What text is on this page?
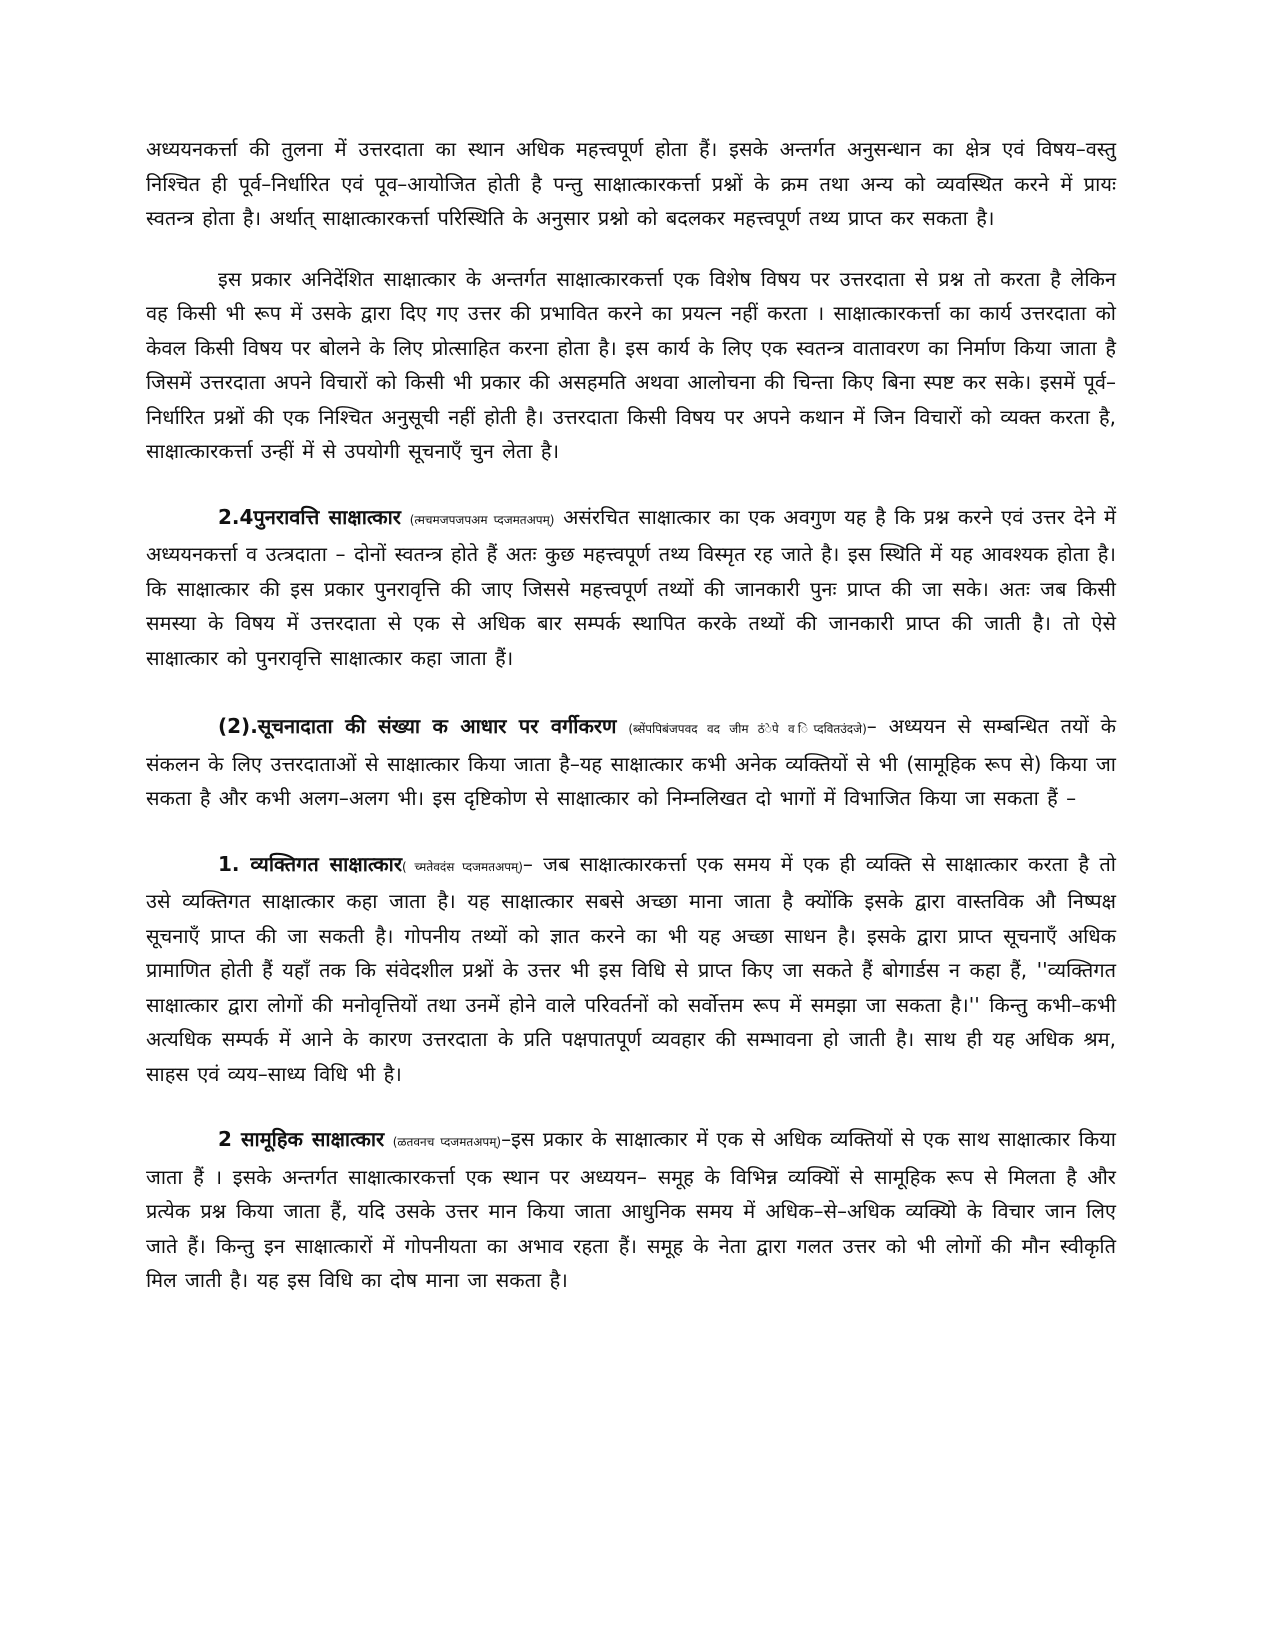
अध्ययनकर्त्ता की तुलना में उत्तरदाता का स्थान अधिक महत्त्वपूर्ण होता हैं। इसके अन्तर्गत अनुसन्धान का क्षेत्र एवं विषय–वस्तु निश्चित ही पूर्व–निर्धारित एवं पूव–आयोजित होती है पन्तु साक्षात्कारकर्त्ता प्रश्नों के क्रम तथा अन्य को व्यवस्थित करने में प्रायः स्वतन्त्र होता है। अर्थात् साक्षात्कारकर्त्ता परिस्थिति के अनुसार प्रश्नो को बदलकर महत्त्वपूर्ण तथ्य प्राप्त कर सकता है।

इस प्रकार अनिदेंशित साक्षात्कार के अन्तर्गत साक्षात्कारकर्त्ता एक विशेष विषय पर उत्तरदाता से प्रश्न तो करता है लेकिन वह किसी भी रूप में उसके द्वारा दिए गए उत्तर की प्रभावित करने का प्रयत्न नहीं करता । साक्षात्कारकर्त्ता का कार्य उत्तरदाता को केवल किसी विषय पर बोलने के लिए प्रोत्साहित करना होता है। इस कार्य के लिए एक स्वतन्त्र वातावरण का निर्माण किया जाता है जिसमें उत्तरदाता अपने विचारों को किसी भी प्रकार की असहमति अथवा आलोचना की चिन्ता किए बिना स्पष्ट कर सके। इसमें पूर्व–निर्धारित प्रश्नों की एक निश्चित अनुसूची नहीं होती है। उत्तरदाता किसी विषय पर अपने कथान में जिन विचारों को व्यक्त करता है, साक्षात्कारकर्त्ता उन्हीं में से उपयोगी सूचनाएँ चुन लेता है।

2.4पुनरावत्ति साक्षात्कार (त्मचमजपजपअम प्दजमतअपम्) असंरचित साक्षात्कार का एक अवगुण यह है कि प्रश्न करने एवं उत्तर देने में अध्ययनकर्त्ता व उत्त्रदाता – दोनों स्वतन्त्र होते हैं अतः कुछ महत्त्वपूर्ण तथ्य विस्मृत रह जाते है। इस स्थिति में यह आवश्यक होता है। कि साक्षात्कार की इस प्रकार पुनरावृत्ति की जाए जिससे महत्त्वपूर्ण तथ्यों की जानकारी पुनः प्राप्त की जा सके। अतः जब किसी समस्या के विषय में उत्तरदाता से एक से अधिक बार सम्पर्क स्थापित करके तथ्यों की जानकारी प्राप्त की जाती है। तो ऐसे साक्षात्कार को पुनरावृत्ति साक्षात्कार कहा जाता हैं।

(2).सूचनादाता की संख्या क आधार पर वर्गीकरण (ब्सेंपपिबंजपवद वद जीम ठंेपे व िप्दवितउंदजे)– अध्ययन से सम्बन्धित तयों के संकलन के लिए उत्तरदाताओं से साक्षात्कार किया जाता है–यह साक्षात्कार कभी अनेक व्यक्तियों से भी (सामूहिक रूप से) किया जा सकता है और कभी अलग–अलग भी। इस दृष्टिकोण से साक्षात्कार को निम्नलिखत दो भागों में विभाजित किया जा सकता हैं –

1. व्यक्तिगत साक्षात्कार( च्मतेवदंस प्दजमतअपम्)– जब साक्षात्कारकर्त्ता एक समय में एक ही व्यक्ति से साक्षात्कार करता है तो उसे व्यक्तिगत साक्षात्कार कहा जाता है। यह साक्षात्कार सबसे अच्छा माना जाता है क्योंकि इसके द्वारा वास्तविक औ निष्पक्ष सूचनाएँ प्राप्त की जा सकती है। गोपनीय तथ्यों को ज्ञात करने का भी यह अच्छा साधन है। इसके द्वारा प्राप्त सूचनाएँ अधिक प्रामाणित होती हैं यहाँ तक कि संवेदशील प्रश्नों के उत्तर भी इस विधि से प्राप्त किए जा सकते हैं बोगार्डस न कहा हैं, ''व्यक्तिगत साक्षात्कार द्वारा लोगों की मनोवृत्तियों तथा उनमें होने वाले परिवर्तनों को सर्वोत्तम रूप में समझा जा सकता है।'' किन्तु कभी–कभी अत्यधिक सम्पर्क में आने के कारण उत्तरदाता के प्रति पक्षपातपूर्ण व्यवहार की सम्भावना हो जाती है। साथ ही यह अधिक श्रम, साहस एवं व्यय–साध्य विधि भी है।

2 सामूहिक साक्षात्कार (ळतवनच प्दजमतअपम्)–इस प्रकार के साक्षात्कार में एक से अधिक व्यक्तियों से एक साथ साक्षात्कार किया जाता हैं । इसके अन्तर्गत साक्षात्कारकर्त्ता एक स्थान पर अध्ययन– समूह के विभिन्न व्यक्यिों से सामूहिक रूप से मिलता है और प्रत्येक प्रश्न किया जाता हैं, यदि उसके उत्तर मान किया जाता आधुनिक समय में अधिक–से–अधिक व्यक्यिो के विचार जान लिए जाते हैं। किन्तु इन साक्षात्कारों में गोपनीयता का अभाव रहता हैं। समूह के नेता द्वारा गलत उत्तर को भी लोगों की मौन स्वीकृति मिल जाती है। यह इस विधि का दोष माना जा सकता है।
